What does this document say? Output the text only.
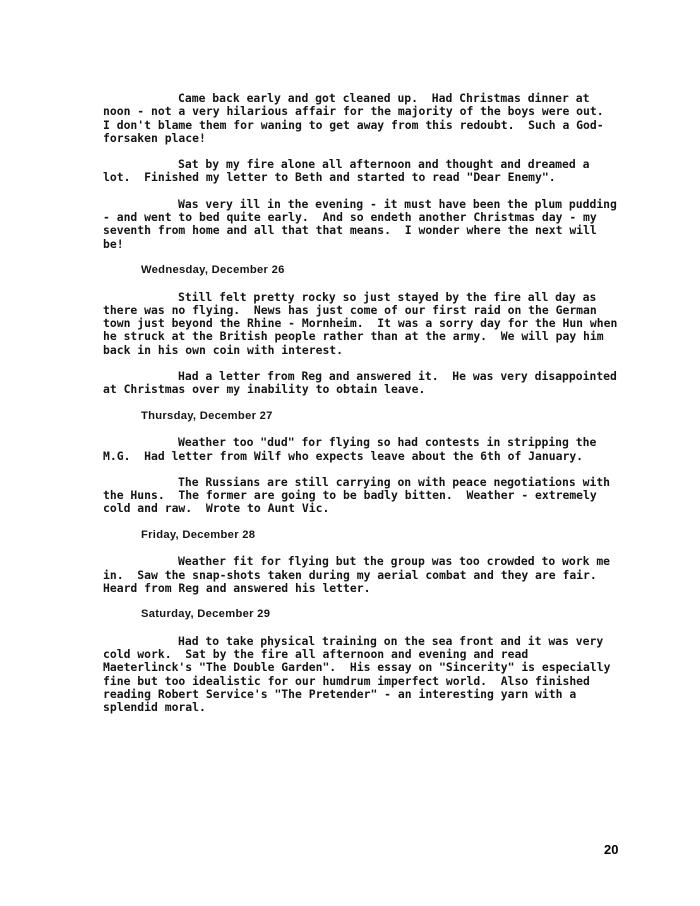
Came back early and got cleaned up.  Had Christmas dinner at noon - not a very hilarious affair for the majority of the boys were out.  I don't blame them for waning to get away from this redoubt.  Such a God-forsaken place!

Sat by my fire alone all afternoon and thought and dreamed a lot.  Finished my letter to Beth and started to read "Dear Enemy".

Was very ill in the evening - it must have been the plum pudding - and went to bed quite early.  And so endeth another Christmas day - my seventh from home and all that that means.  I wonder where the next will be!

Wednesday, December 26

Still felt pretty rocky so just stayed by the fire all day as there was no flying.  News has just come of our first raid on the German town just beyond the Rhine - Mornheim.  It was a sorry day for the Hun when he struck at the British people rather than at the army.  We will pay him back in his own coin with interest.

Had a letter from Reg and answered it.  He was very disappointed at Christmas over my inability to obtain leave.

Thursday, December 27

Weather too "dud" for flying so had contests in stripping the M.G.  Had letter from Wilf who expects leave about the 6th of January.

The Russians are still carrying on with peace negotiations with the Huns.  The former are going to be badly bitten.  Weather - extremely cold and raw.  Wrote to Aunt Vic.

Friday, December 28

Weather fit for flying but the group was too crowded to work me in.  Saw the snap-shots taken during my aerial combat and they are fair.  Heard from Reg and answered his letter.

Saturday, December 29

Had to take physical training on the sea front and it was very cold work.  Sat by the fire all afternoon and evening and read Maeterlinck's "The Double Garden".  His essay on "Sincerity" is especially fine but too idealistic for our humdrum imperfect world.  Also finished reading Robert Service's "The Pretender" - an interesting yarn with a splendid moral.

20
